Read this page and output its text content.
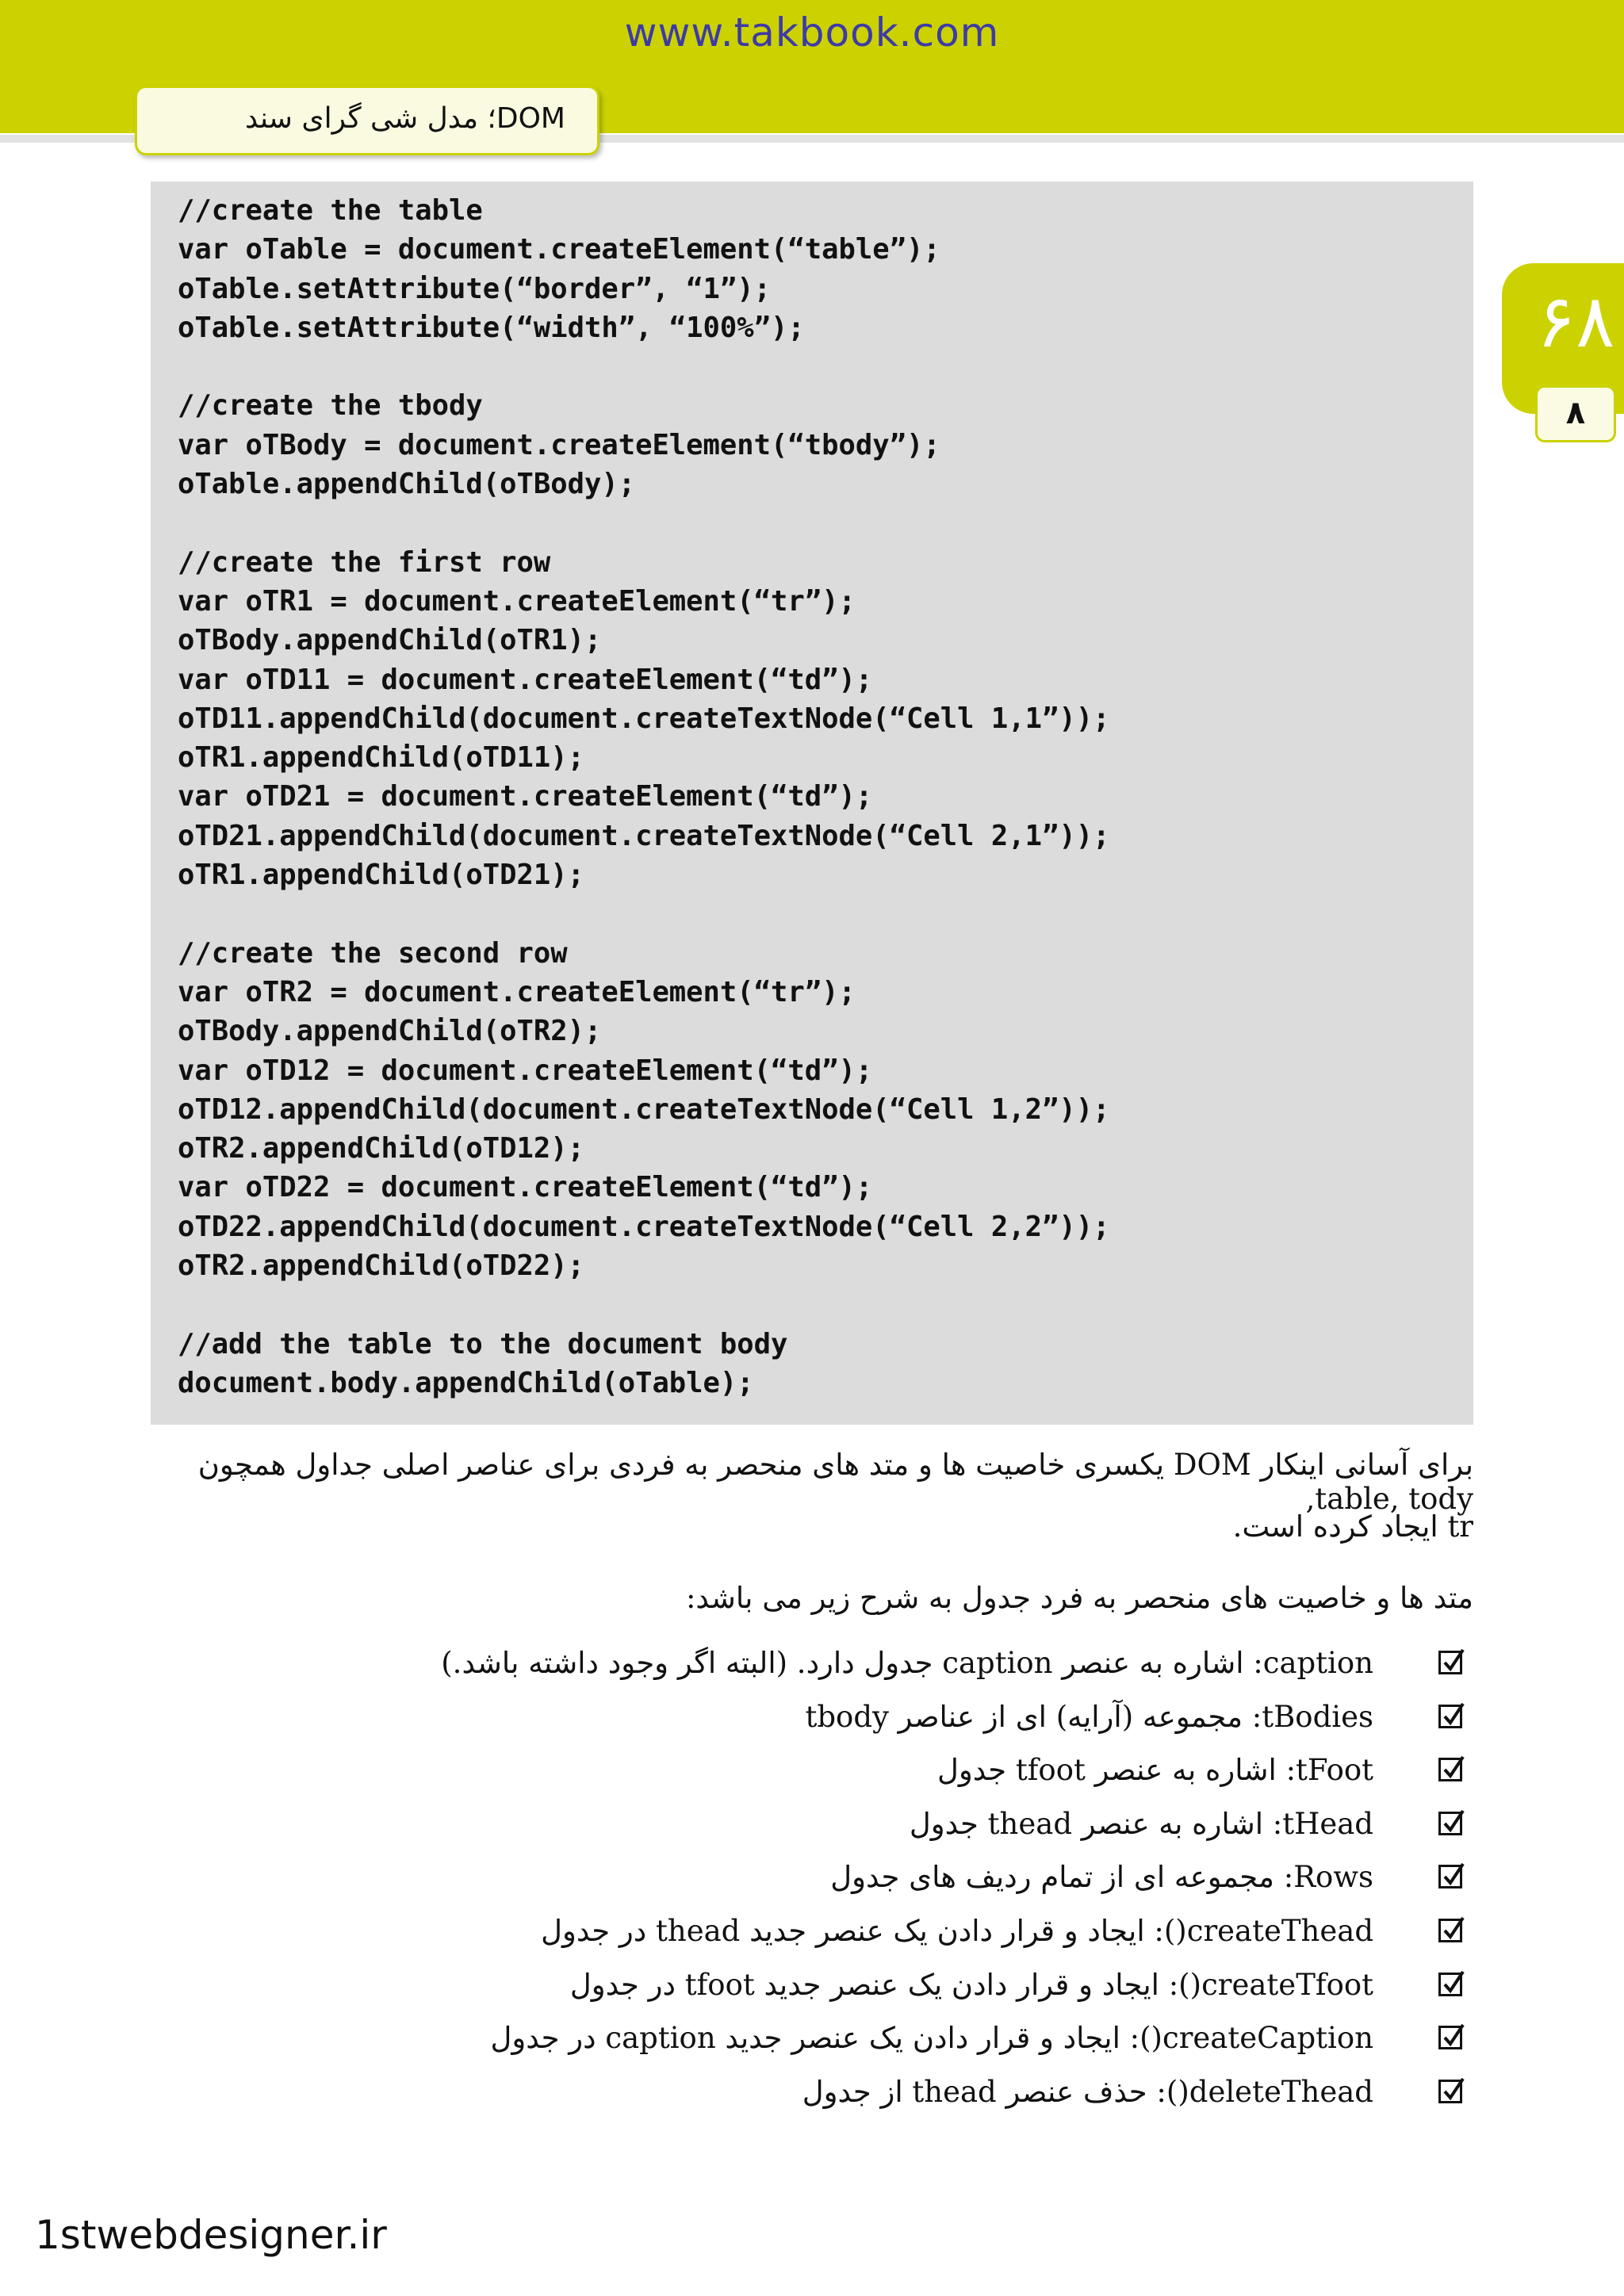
www.takbook.com
DOM؛ مدل شی گرای سند
۶۸
۸
//create the table
var oTable = document.createElement(“table”);
oTable.setAttribute(“border”, “1”);
oTable.setAttribute(“width”, “100%”);
//create the tbody
var oTBody = document.createElement(“tbody”);
oTable.appendChild(oTBody);
//create the first row
var oTR1 = document.createElement(“tr”);
oTBody.appendChild(oTR1);
var oTD11 = document.createElement(“td”);
oTD11.appendChild(document.createTextNode(“Cell 1,1”));
oTR1.appendChild(oTD11);
var oTD21 = document.createElement(“td”);
oTD21.appendChild(document.createTextNode(“Cell 2,1”));
oTR1.appendChild(oTD21);
//create the second row
var oTR2 = document.createElement(“tr”);
oTBody.appendChild(oTR2);
var oTD12 = document.createElement(“td”);
oTD12.appendChild(document.createTextNode(“Cell 1,2”));
oTR2.appendChild(oTD12);
var oTD22 = document.createElement(“td”);
oTD22.appendChild(document.createTextNode(“Cell 2,2”));
oTR2.appendChild(oTD22);
//add the table to the document body
document.body.appendChild(oTable);
برای آسانی اینکار DOM یکسری خاصیت ها و متد های منحصر به فردی برای عناصر اصلی جداول همچون table, tody,
tr ایجاد کرده است.
متد ها و خاصیت های منحصر به فرد جدول به شرح زیر می باشد:
caption: اشاره به عنصر caption جدول دارد. (البته اگر وجود داشته باشد.)
tBodies: مجموعه (آرایه) ای از عناصر tbody
tFoot: اشاره به عنصر tfoot جدول
tHead: اشاره به عنصر thead جدول
Rows: مجموعه ای از تمام ردیف های جدول
createThead(): ایجاد و قرار دادن یک عنصر جدید thead در جدول
createTfoot(): ایجاد و قرار دادن یک عنصر جدید tfoot در جدول
createCaption(): ایجاد و قرار دادن یک عنصر جدید caption در جدول
deleteThead(): حذف عنصر thead از جدول
1stwebdesigner.ir
